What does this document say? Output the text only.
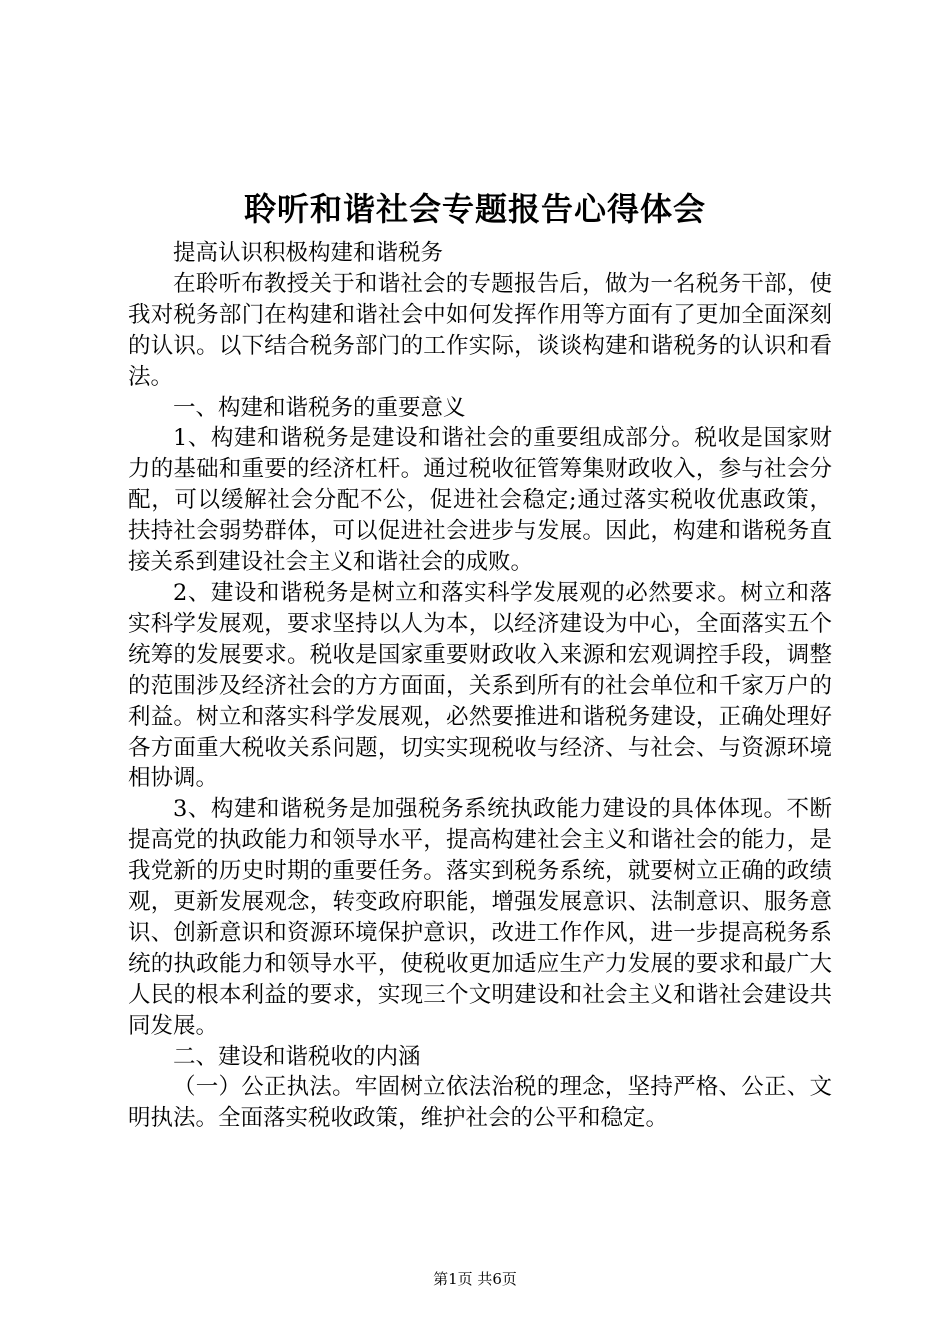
聆听和谐社会专题报告心得体会

提高认识积极构建和谐税务

在聆听布教授关于和谐社会的专题报告后，做为一名税务干部，使我对税务部门在构建和谐社会中如何发挥作用等方面有了更加全面深刻的认识。以下结合税务部门的工作实际，谈谈构建和谐税务的认识和看法。

一、构建和谐税务的重要意义

1、构建和谐税务是建设和谐社会的重要组成部分。税收是国家财力的基础和重要的经济杠杆。通过税收征管筹集财政收入，参与社会分配，可以缓解社会分配不公，促进社会稳定;通过落实税收优惠政策，扶持社会弱势群体，可以促进社会进步与发展。因此，构建和谐税务直接关系到建设社会主义和谐社会的成败。

2、建设和谐税务是树立和落实科学发展观的必然要求。树立和落实科学发展观，要求坚持以人为本，以经济建设为中心，全面落实五个统筹的发展要求。税收是国家重要财政收入来源和宏观调控手段，调整的范围涉及经济社会的方方面面，关系到所有的社会单位和千家万户的利益。树立和落实科学发展观，必然要推进和谐税务建设，正确处理好各方面重大税收关系问题，切实实现税收与经济、与社会、与资源环境相协调。

3、构建和谐税务是加强税务系统执政能力建设的具体体现。不断提高党的执政能力和领导水平，提高构建社会主义和谐社会的能力，是我党新的历史时期的重要任务。落实到税务系统，就要树立正确的政绩观，更新发展观念，转变政府职能，增强发展意识、法制意识、服务意识、创新意识和资源环境保护意识，改进工作作风，进一步提高税务系统的执政能力和领导水平，使税收更加适应生产力发展的要求和最广大人民的根本利益的要求，实现三个文明建设和社会主义和谐社会建设共同发展。

二、建设和谐税收的内涵

（一）公正执法。牢固树立依法治税的理念，坚持严格、公正、文明执法。全面落实税收政策，维护社会的公平和稳定。

第1页 共6页
